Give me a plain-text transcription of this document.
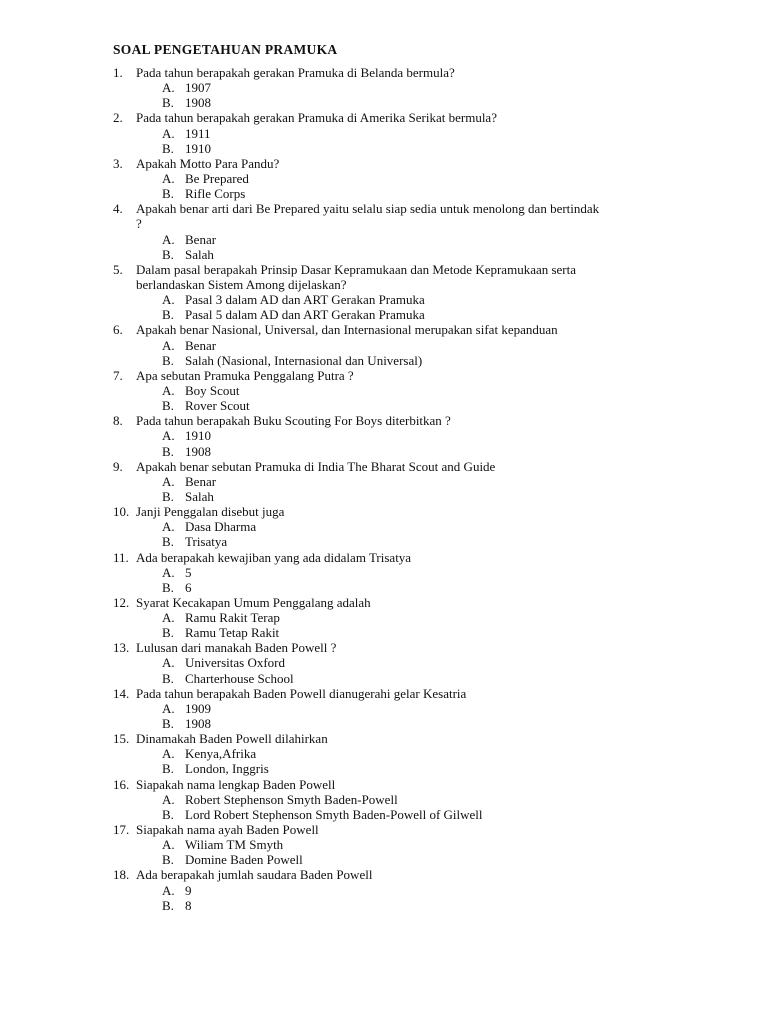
SOAL PENGETAHUAN PRAMUKA
1. Pada tahun berapakah gerakan Pramuka di Belanda bermula?
A. 1907
B. 1908
2. Pada tahun berapakah gerakan Pramuka di Amerika Serikat bermula?
A. 1911
B. 1910
3. Apakah Motto Para Pandu?
A. Be Prepared
B. Rifle Corps
4. Apakah benar arti dari Be Prepared yaitu selalu siap sedia untuk menolong dan bertindak
?
A. Benar
B. Salah
5. Dalam pasal berapakah Prinsip Dasar Kepramukaan dan Metode Kepramukaan serta
berlandaskan Sistem Among dijelaskan?
A. Pasal 3 dalam AD dan ART Gerakan Pramuka
B. Pasal 5 dalam AD dan ART Gerakan Pramuka
6. Apakah benar Nasional, Universal, dan Internasional merupakan sifat kepanduan
A. Benar
B. Salah (Nasional, Internasional dan Universal)
7. Apa sebutan Pramuka Penggalang Putra ?
A. Boy Scout
B. Rover Scout
8. Pada tahun berapakah Buku Scouting For Boys diterbitkan ?
A. 1910
B. 1908
9. Apakah benar sebutan Pramuka di India The Bharat Scout and Guide
A. Benar
B. Salah
10. Janji Penggalan disebut juga
A. Dasa Dharma
B. Trisatya
11. Ada berapakah kewajiban yang ada didalam Trisatya
A. 5
B. 6
12. Syarat Kecakapan Umum Penggalang adalah
A. Ramu Rakit Terap
B. Ramu Tetap Rakit
13. Lulusan dari manakah Baden Powell ?
A. Universitas Oxford
B. Charterhouse School
14. Pada tahun berapakah Baden Powell dianugerahi gelar Kesatria
A. 1909
B. 1908
15. Dinamakah Baden Powell dilahirkan
A. Kenya,Afrika
B. London, Inggris
16. Siapakah nama lengkap Baden Powell
A. Robert Stephenson Smyth Baden-Powell
B. Lord Robert Stephenson Smyth Baden-Powell of Gilwell
17. Siapakah nama ayah Baden Powell
A. Wiliam TM Smyth
B. Domine Baden Powell
18. Ada berapakah jumlah saudara Baden Powell
A. 9
B. 8
